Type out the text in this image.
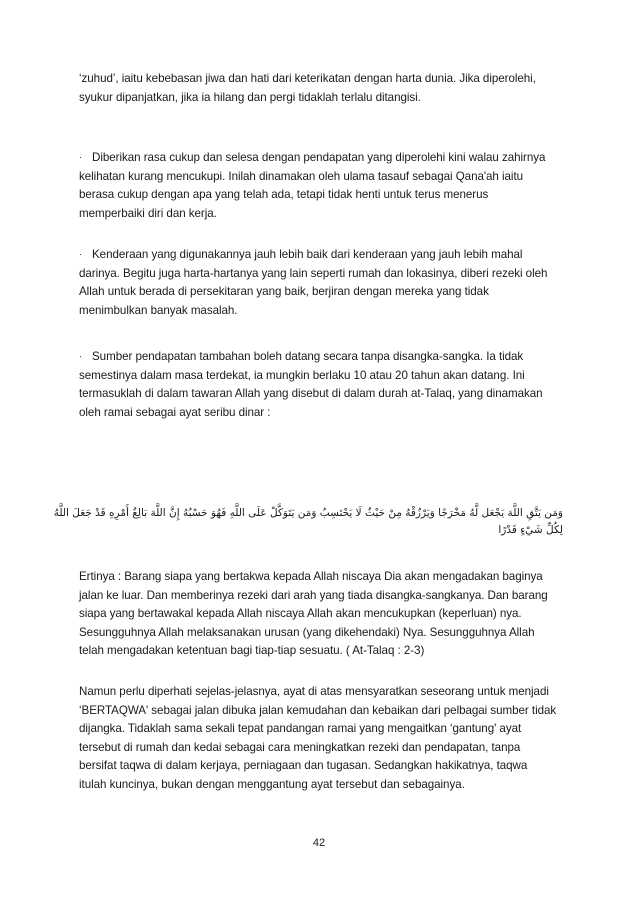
‘zuhud’, iaitu kebebasan jiwa dan hati dari keterikatan dengan harta dunia. Jika diperolehi,
syukur dipanjatkan, jika ia hilang dan pergi tidaklah terlalu ditangisi.
· Diberikan rasa cukup dan selesa dengan pendapatan yang diperolehi kini walau zahirnya
kelihatan kurang mencukupi. Inilah dinamakan oleh ulama tasauf sebagai Qana'ah iaitu
berasa cukup dengan apa yang telah ada, tetapi tidak henti untuk terus menerus
memperbaiki diri dan kerja.
· Kenderaan yang digunakannya jauh lebih baik dari kenderaan yang jauh lebih mahal
darinya. Begitu juga harta-hartanya yang lain seperti rumah dan lokasinya, diberi rezeki oleh
Allah untuk berada di persekitaran yang baik, berjiran dengan mereka yang tidak
menimbulkan banyak masalah.
· Sumber pendapatan tambahan boleh datang secara tanpa disangka-sangka. Ia tidak
semestinya dalam masa terdekat, ia mungkin berlaku 10 atau 20 tahun akan datang. Ini
termasuklah di dalam tawaran Allah yang disebut di dalam durah at-Talaq, yang dinamakan
oleh ramai sebagai ayat seribu dinar :
وَمَن يَتَّقِ اللَّهَ يَجْعَل لَّهُ مَخْرَجًا وَيَرْزُقْهُ مِنْ حَيْثُ لَا يَحْتَسِبُ وَمَن يَتَوَكَّلْ عَلَى اللَّهِ فَهُوَ حَسْبُهُ إِنَّ اللَّهَ بَالِغُ أَمْرِهِ قَدْ جَعَلَ اللَّهُ
لِكُلِّ شَيْءٍ قَدْرًا
Ertinya : Barang siapa yang bertakwa kepada Allah niscaya Dia akan mengadakan baginya
jalan ke luar. Dan memberinya rezeki dari arah yang tiada disangka-sangkanya. Dan barang
siapa yang bertawakal kepada Allah niscaya Allah akan mencukupkan (keperluan) nya.
Sesungguhnya Allah melaksanakan urusan (yang dikehendaki) Nya. Sesungguhnya Allah
telah mengadakan ketentuan bagi tiap-tiap sesuatu. ( At-Talaq : 2-3)
Namun perlu diperhati sejelas-jelasnya, ayat di atas mensyaratkan seseorang untuk menjadi
‘BERTAQWA' sebagai jalan dibuka jalan kemudahan dan kebaikan dari pelbagai sumber tidak
dijangka. Tidaklah sama sekali tepat pandangan ramai yang mengaitkan ‘gantung' ayat
tersebut di rumah dan kedai sebagai cara meningkatkan rezeki dan pendapatan, tanpa
bersifat taqwa di dalam kerjaya, perniagaan dan tugasan. Sedangkan hakikatnya, taqwa
itulah kuncinya, bukan dengan menggantung ayat tersebut dan sebagainya.
42
